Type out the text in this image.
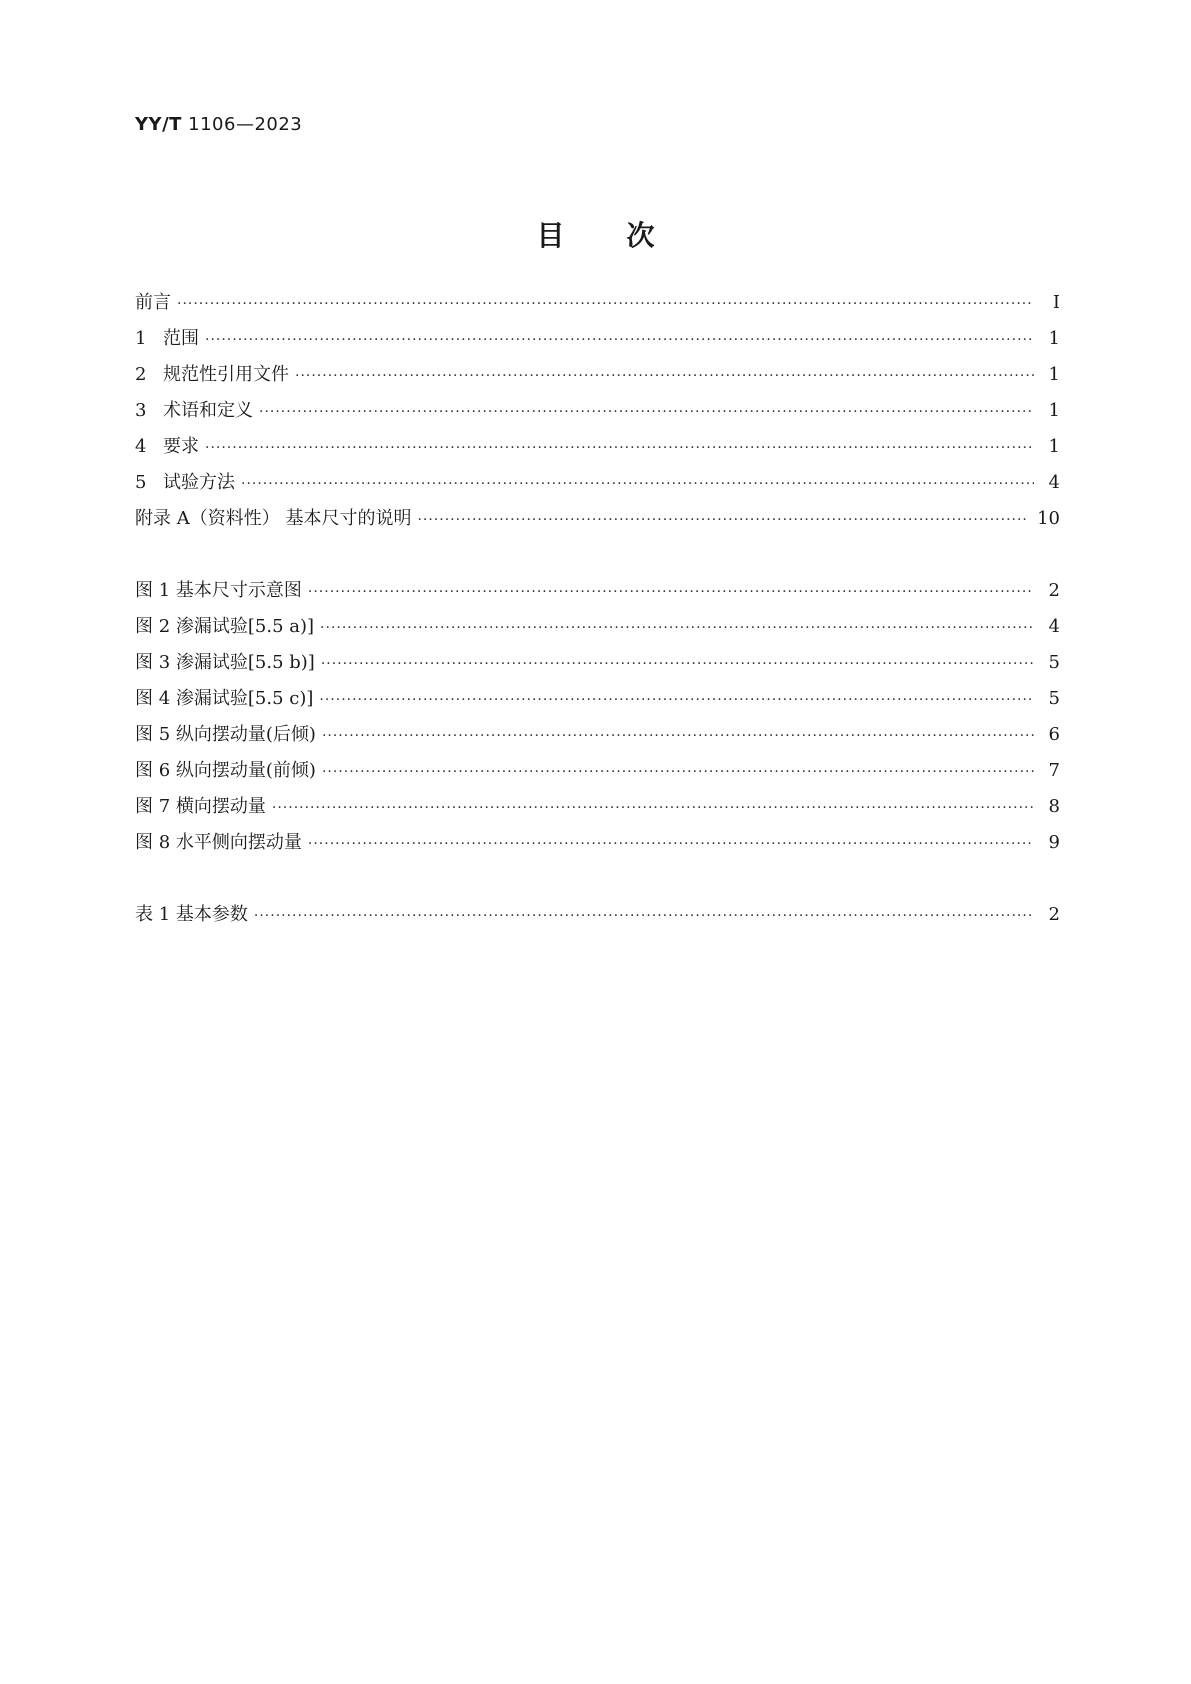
YY/T 1106—2023
目次
前言 ·····	Ⅰ
1 范围 ·····	1
2 规范性引用文件 ·····	1
3 术语和定义 ·····	1
4 要求 ·····	1
5 试验方法 ·····	4
附录 A（资料性） 基本尺寸的说明 ·····	10
图 1 基本尺寸示意图 ·····	2
图 2 渗漏试验[5.5 a)] ·····	4
图 3 渗漏试验[5.5 b)] ·····	5
图 4 渗漏试验[5.5 c)] ·····	5
图 5 纵向摆动量(后倾) ·····	6
图 6 纵向摆动量(前倾) ·····	7
图 7 横向摆动量 ·····	8
图 8 水平侧向摆动量 ·····	9
表 1 基本参数 ·····	2
